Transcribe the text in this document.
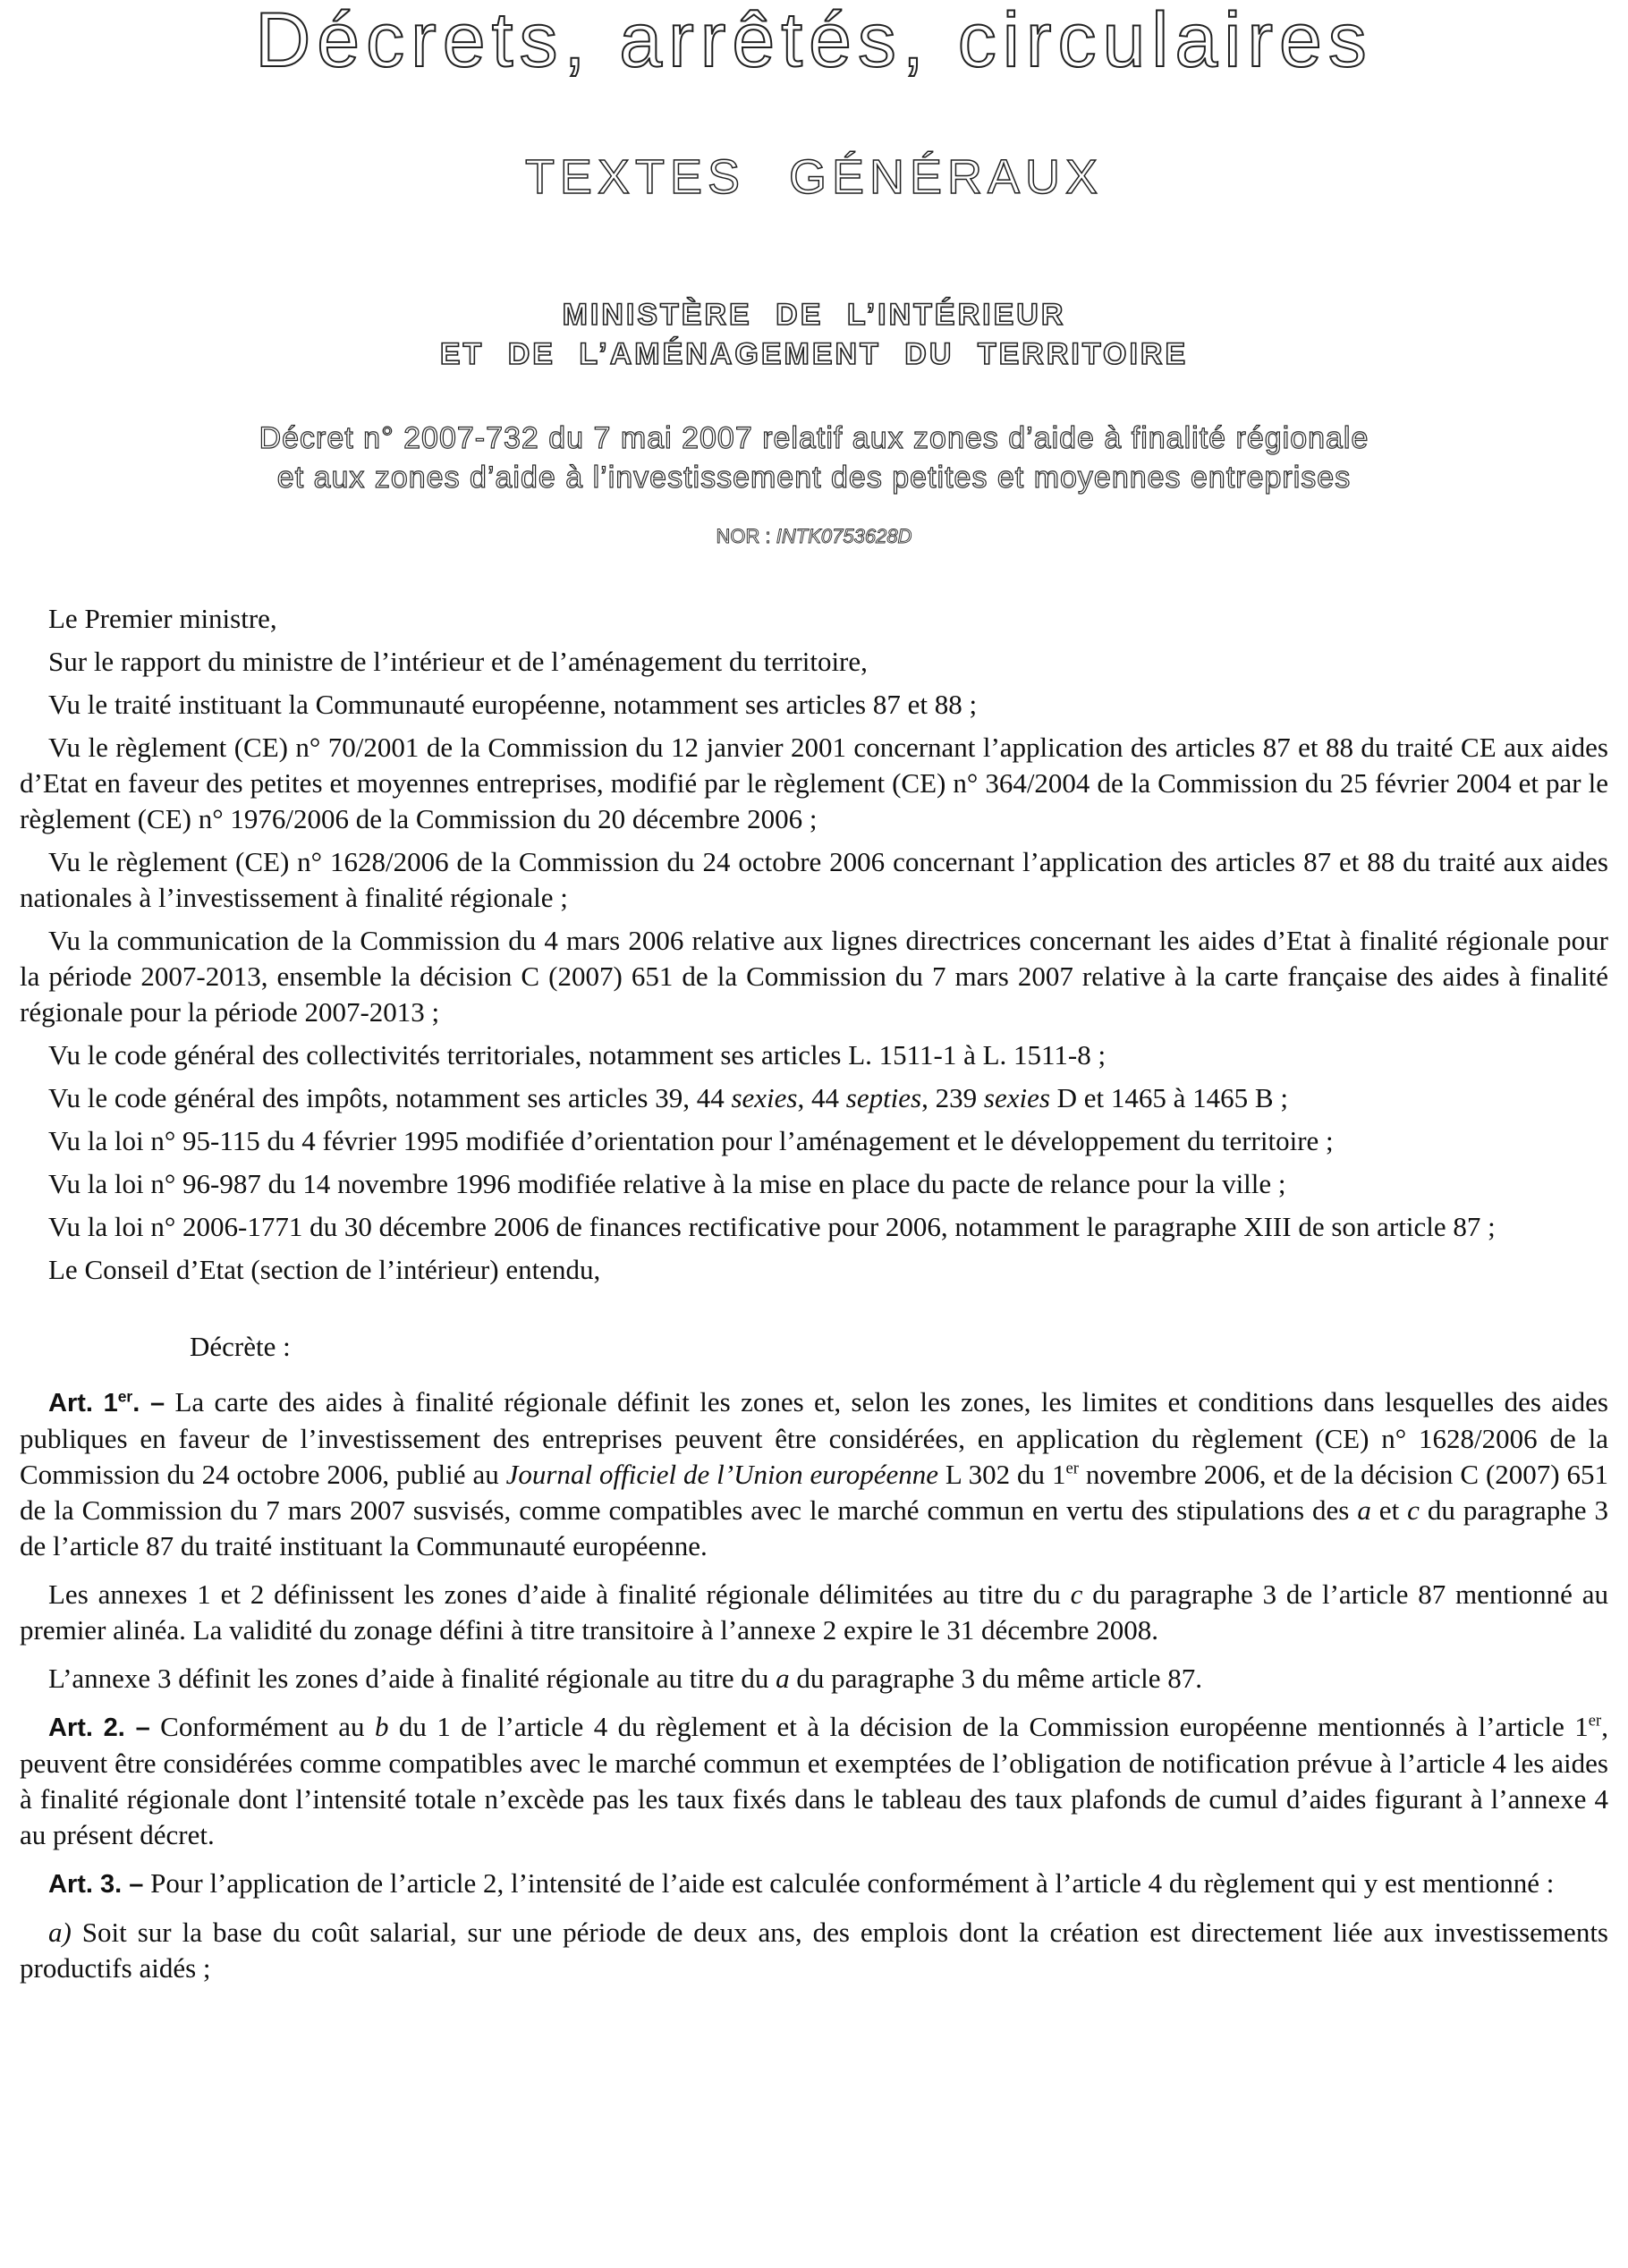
Décrets, arrêtés, circulaires
TEXTES GÉNÉRAUX
MINISTÈRE DE L’INTÉRIEUR
ET DE L’AMÉNAGEMENT DU TERRITOIRE
Décret n° 2007-732 du 7 mai 2007 relatif aux zones d’aide à finalité régionale
et aux zones d’aide à l’investissement des petites et moyennes entreprises
NOR : INTK0753628D

Le Premier ministre,

Sur le rapport du ministre de l’intérieur et de l’aménagement du territoire,

Vu le traité instituant la Communauté européenne, notamment ses articles 87 et 88 ;

Vu le règlement (CE) n° 70/2001 de la Commission du 12 janvier 2001 concernant l’application des articles 87 et 88 du traité CE aux aides d’Etat en faveur des petites et moyennes entreprises, modifié par le règlement (CE) n° 364/2004 de la Commission du 25 février 2004 et par le règlement (CE) n° 1976/2006 de la Commission du 20 décembre 2006 ;

Vu le règlement (CE) n° 1628/2006 de la Commission du 24 octobre 2006 concernant l’application des articles 87 et 88 du traité aux aides nationales à l’investissement à finalité régionale ;

Vu la communication de la Commission du 4 mars 2006 relative aux lignes directrices concernant les aides d’Etat à finalité régionale pour la période 2007-2013, ensemble la décision C (2007) 651 de la Commission du 7 mars 2007 relative à la carte française des aides à finalité régionale pour la période 2007-2013 ;

Vu le code général des collectivités territoriales, notamment ses articles L. 1511-1 à L. 1511-8 ;

Vu le code général des impôts, notamment ses articles 39, 44 sexies, 44 septies, 239 sexies D et 1465 à 1465 B ;

Vu la loi n° 95-115 du 4 février 1995 modifiée d’orientation pour l’aménagement et le développement du territoire ;

Vu la loi n° 96-987 du 14 novembre 1996 modifiée relative à la mise en place du pacte de relance pour la ville ;

Vu la loi n° 2006-1771 du 30 décembre 2006 de finances rectificative pour 2006, notamment le paragraphe XIII de son article 87 ;

Le Conseil d’Etat (section de l’intérieur) entendu,

Décrète :

Art. 1er. – La carte des aides à finalité régionale définit les zones et, selon les zones, les limites et conditions dans lesquelles des aides publiques en faveur de l’investissement des entreprises peuvent être considérées, en application du règlement (CE) n° 1628/2006 de la Commission du 24 octobre 2006, publié au Journal officiel de l’Union européenne L 302 du 1er novembre 2006, et de la décision C (2007) 651 de la Commission du 7 mars 2007 susvisés, comme compatibles avec le marché commun en vertu des stipulations des a et c du paragraphe 3 de l’article 87 du traité instituant la Communauté européenne.

Les annexes 1 et 2 définissent les zones d’aide à finalité régionale délimitées au titre du c du paragraphe 3 de l’article 87 mentionné au premier alinéa. La validité du zonage défini à titre transitoire à l’annexe 2 expire le 31 décembre 2008.

L’annexe 3 définit les zones d’aide à finalité régionale au titre du a du paragraphe 3 du même article 87.

Art. 2. – Conformément au b du 1 de l’article 4 du règlement et à la décision de la Commission européenne mentionnés à l’article 1er, peuvent être considérées comme compatibles avec le marché commun et exemptées de l’obligation de notification prévue à l’article 4 les aides à finalité régionale dont l’intensité totale n’excède pas les taux fixés dans le tableau des taux plafonds de cumul d’aides figurant à l’annexe 4 au présent décret.

Art. 3. – Pour l’application de l’article 2, l’intensité de l’aide est calculée conformément à l’article 4 du règlement qui y est mentionné :

a) Soit sur la base du coût salarial, sur une période de deux ans, des emplois dont la création est directement liée aux investissements productifs aidés ;
